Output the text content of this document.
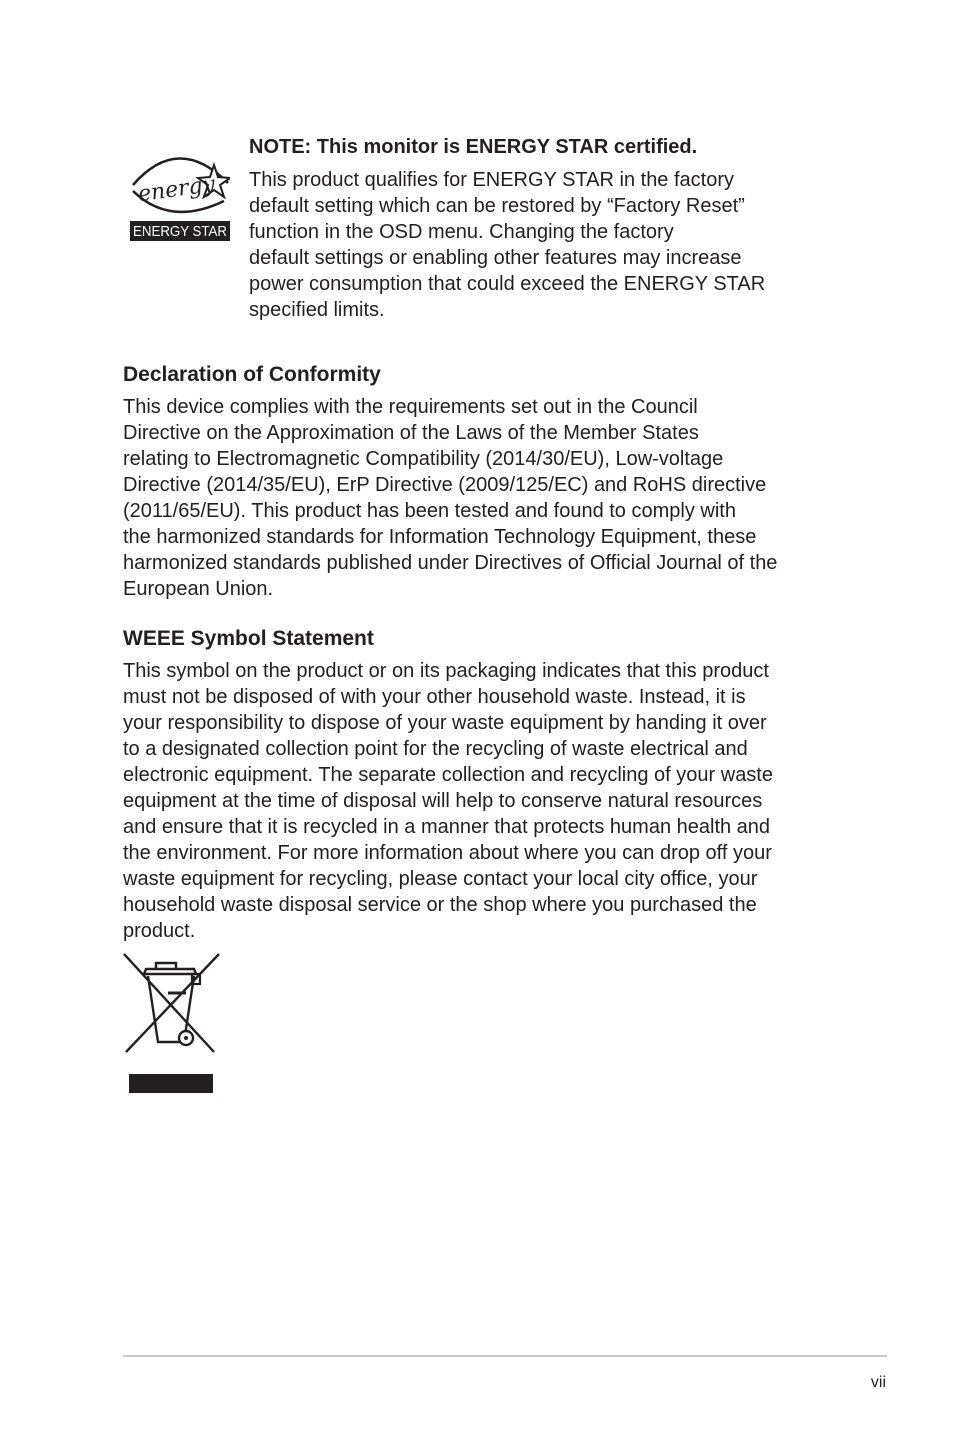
energy
ENERGY STAR

NOTE: This monitor is ENERGY STAR certified.

This product qualifies for ENERGY STAR in the factory
default setting which can be restored by “Factory Reset”
function in the OSD menu. Changing the factory
default settings or enabling other features may increase
power consumption that could exceed the ENERGY STAR
specified limits.

Declaration of Conformity

This device complies with the requirements set out in the Council
Directive on the Approximation of the Laws of the Member States
relating to Electromagnetic Compatibility (2014/30/EU), Low-voltage
Directive (2014/35/EU), ErP Directive (2009/125/EC) and RoHS directive
(2011/65/EU). This product has been tested and found to comply with
the harmonized standards for Information Technology Equipment, these
harmonized standards published under Directives of Official Journal of the
European Union.

WEEE Symbol Statement

This symbol on the product or on its packaging indicates that this product
must not be disposed of with your other household waste. Instead, it is
your responsibility to dispose of your waste equipment by handing it over
to a designated collection point for the recycling of waste electrical and
electronic equipment. The separate collection and recycling of your waste
equipment at the time of disposal will help to conserve natural resources
and ensure that it is recycled in a manner that protects human health and
the environment. For more information about where you can drop off your
waste equipment for recycling, please contact your local city office, your
household waste disposal service or the shop where you purchased the
product.

vii
